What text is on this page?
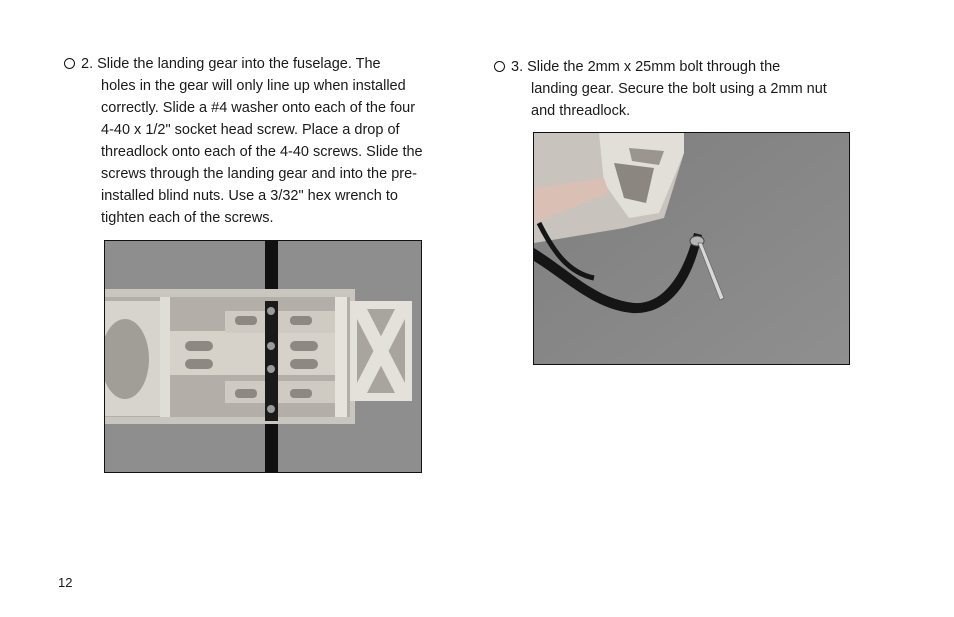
2. Slide the landing gear into the fuselage. The
holes in the gear will only line up when installed
correctly. Slide a #4 washer onto each of the four
4-40 x 1/2" socket head screw. Place a drop of
threadlock onto each of the 4-40 screws. Slide the
screws through the landing gear and into the pre-
installed blind nuts. Use a 3/32" hex wrench to
tighten each of the screws.
3. Slide the 2mm x 25mm bolt through the
landing gear. Secure the bolt using a 2mm nut
and threadlock.
12
